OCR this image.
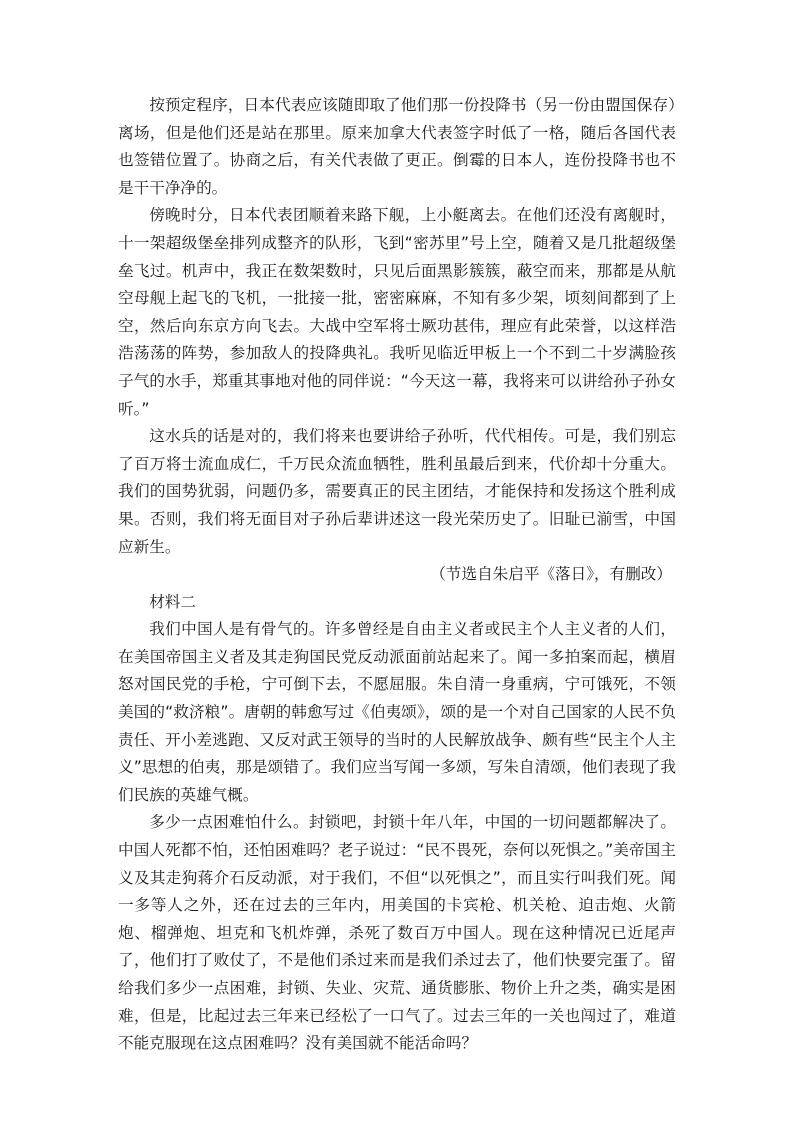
按预定程序，日本代表应该随即取了他们那一份投降书（另一份由盟国保存）离场，但是他们还是站在那里。原来加拿大代表签字时低了一格，随后各国代表也签错位置了。协商之后，有关代表做了更正。倒霉的日本人，连份投降书也不是干干净净的。

傍晚时分，日本代表团顺着来路下舰，上小艇离去。在他们还没有离舰时，十一架超级堡垒排列成整齐的队形，飞到“密苏里”号上空，随着又是几批超级堡垒飞过。机声中，我正在数架数时，只见后面黑影簇簇，蔽空而来，那都是从航空母舰上起飞的飞机，一批接一批，密密麻麻，不知有多少架，顷刻间都到了上空，然后向东京方向飞去。大战中空军将士厥功甚伟，理应有此荣誉，以这样浩浩荡荡的阵势，参加敌人的投降典礼。我听见临近甲板上一个不到二十岁满脸孩子气的水手，郑重其事地对他的同伴说：“今天这一幕，我将来可以讲给孙子孙女听。”

这水兵的话是对的，我们将来也要讲给子孙听，代代相传。可是，我们别忘了百万将士流血成仁，千万民众流血牺牲，胜利虽最后到来，代价却十分重大。我们的国势犹弱，问题仍多，需要真正的民主团结，才能保持和发扬这个胜利成果。否则，我们将无面目对子孙后辈讲述这一段光荣历史了。旧耻已湔雪，中国应新生。

（节选自朱启平《落日》，有删改）

材料二

我们中国人是有骨气的。许多曾经是自由主义者或民主个人主义者的人们，在美国帝国主义者及其走狗国民党反动派面前站起来了。闻一多拍案而起，横眉怒对国民党的手枪，宁可倒下去，不愿屈服。朱自清一身重病，宁可饿死，不领美国的“救济粮”。唐朝的韩愈写过《伯夷颂》，颂的是一个对自己国家的人民不负责任、开小差逃跑、又反对武王领导的当时的人民解放战争、颇有些“民主个人主义”思想的伯夷，那是颂错了。我们应当写闻一多颂，写朱自清颂，他们表现了我们民族的英雄气概。

多少一点困难怕什么。封锁吧，封锁十年八年，中国的一切问题都解决了。中国人死都不怕，还怕困难吗？老子说过：“民不畏死，奈何以死惧之。”美帝国主义及其走狗蒋介石反动派，对于我们，不但“以死惧之”，而且实行叫我们死。闻一多等人之外，还在过去的三年内，用美国的卡宾枪、机关枪、迫击炮、火箭炮、榴弹炮、坦克和飞机炸弹，杀死了数百万中国人。现在这种情况已近尾声了，他们打了败仗了，不是他们杀过来而是我们杀过去了，他们快要完蛋了。留给我们多少一点困难，封锁、失业、灾荒、通货膨胀、物价上升之类，确实是困难，但是，比起过去三年来已经松了一口气了。过去三年的一关也闯过了，难道不能克服现在这点困难吗？没有美国就不能活命吗？
